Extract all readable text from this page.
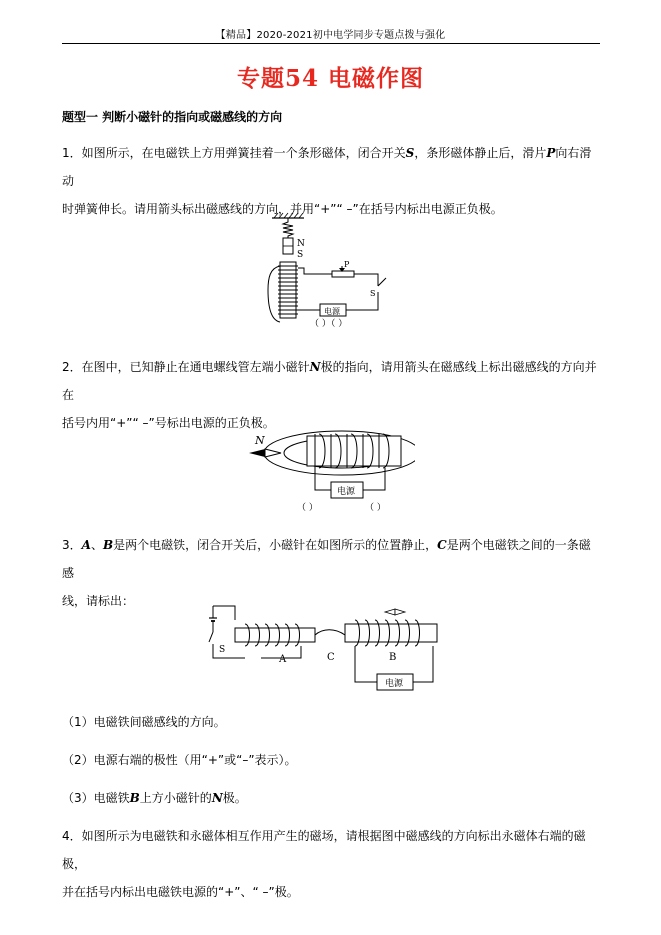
【精品】2020-2021初中电学同步专题点拨与强化
专题54 电磁作图
题型一 判断小磁针的指向或磁感线的方向
1．如图所示，在电磁铁上方用弹簧挂着一个条形磁体，闭合开关S，条形磁体静止后，滑片P向右滑动
时弹簧伸长。请用箭头标出磁感线的方向，并用“+”“ –”在括号内标出电源正负极。
N
S
P
S
电源
（ ）（ ）
2．在图中，已知静止在通电螺线管左端小磁针N极的指向，请用箭头在磁感线上标出磁感线的方向并在
括号内用“+”“ –”号标出电源的正负极。
N
电源
（ ）	（ ）
3．A、B是两个电磁铁，闭合开关后，小磁针在如图所示的位置静止，C是两个电磁铁之间的一条磁感
线，请标出：
S
A	C	B
电源
（1）电磁铁间磁感线的方向。
（2）电源右端的极性（用“+”或“–”表示）。
（3）电磁铁B上方小磁针的N极。
4．如图所示为电磁铁和永磁体相互作用产生的磁场，请根据图中磁感线的方向标出永磁体右端的磁极，
并在括号内标出电磁铁电源的“+”、“ –”极。
